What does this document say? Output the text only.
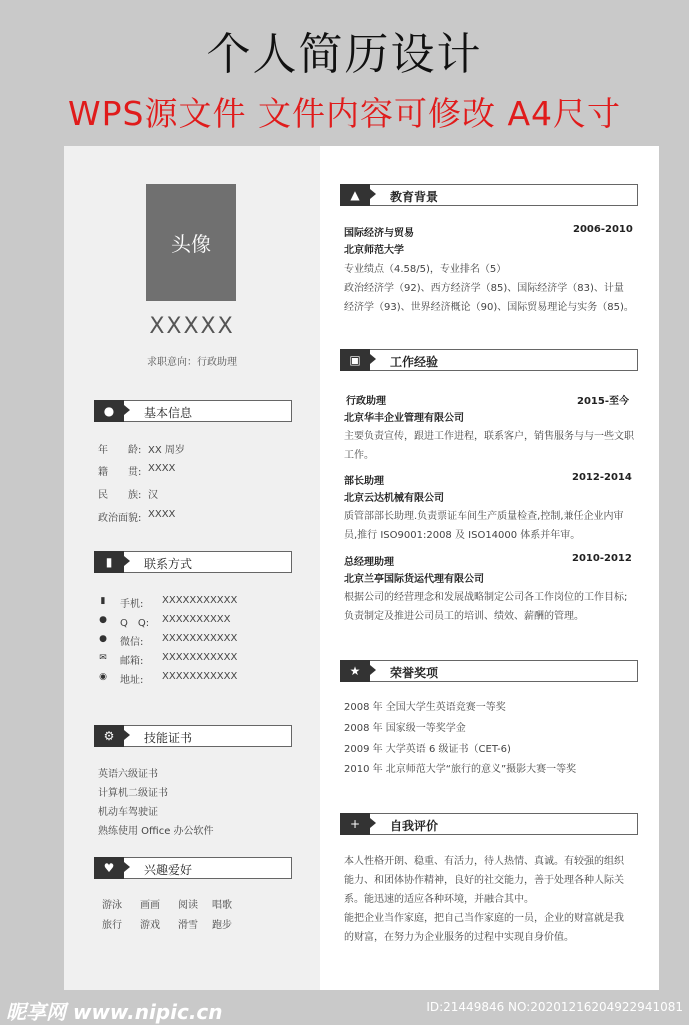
个人简历设计
WPS源文件 文件内容可修改 A4尺寸
头像
XXXXX
求职意向：行政助理
●	基本信息
年　　龄: XX 周岁
籍　　贯: XXXX
民　　族: 汉
政治面貌: XXXX
▮	联系方式
▮ 手机: XXXXXXXXXXX
● Q　Q: XXXXXXXXXX
● 微信: XXXXXXXXXXX
✉ 邮箱: XXXXXXXXXXX
◉ 地址: XXXXXXXXXXX
⚙	技能证书
英语六级证书
计算机二级证书
机动车驾驶证
熟练使用 Office 办公软件
♥	兴趣爱好
游泳 画画 阅读 唱歌
旅行 游戏 滑雪 跑步
▲	教育背景
国际经济与贸易	2006-2010
北京师范大学
专业绩点（4.58/5)，专业排名（5）
政治经济学（92)、西方经济学（85)、国际经济学（83)、计量
经济学（93)、世界经济概论（90)、国际贸易理论与实务（85)。
▣	工作经验
行政助理	2015-至今
北京华丰企业管理有限公司
主要负责宣传，跟进工作进程，联系客户，销售服务与与一些文职
工作。
部长助理	2012-2014
北京云达机械有限公司
质管部部长助理.负责票证车间生产质量检查,控制,兼任企业内审
员,推行 ISO9001:2008 及 ISO14000 体系并年审。
总经理助理	2010-2012
北京兰亭国际货运代理有限公司
根据公司的经营理念和发展战略制定公司各工作岗位的工作目标;
负责制定及推进公司员工的培训、绩效、薪酬的管理。
★	荣誉奖项
2008 年 全国大学生英语竞赛一等奖
2008 年 国家级一等奖学金
2009 年 大学英语 6 级证书（CET-6)
2010 年 北京师范大学“旅行的意义”摄影大赛一等奖
+	自我评价
本人性格开朗、稳重、有活力，待人热情、真诚。有较强的组织
能力、和团体协作精神，良好的社交能力，善于处理各种人际关
系。能迅速的适应各种环境，并融合其中。
能把企业当作家庭，把自己当作家庭的一员，企业的财富就是我
的财富，在努力为企业服务的过程中实现自身价值。
昵享网 www.nipic.cn	ID:21449846 NO:20201216204922941081
